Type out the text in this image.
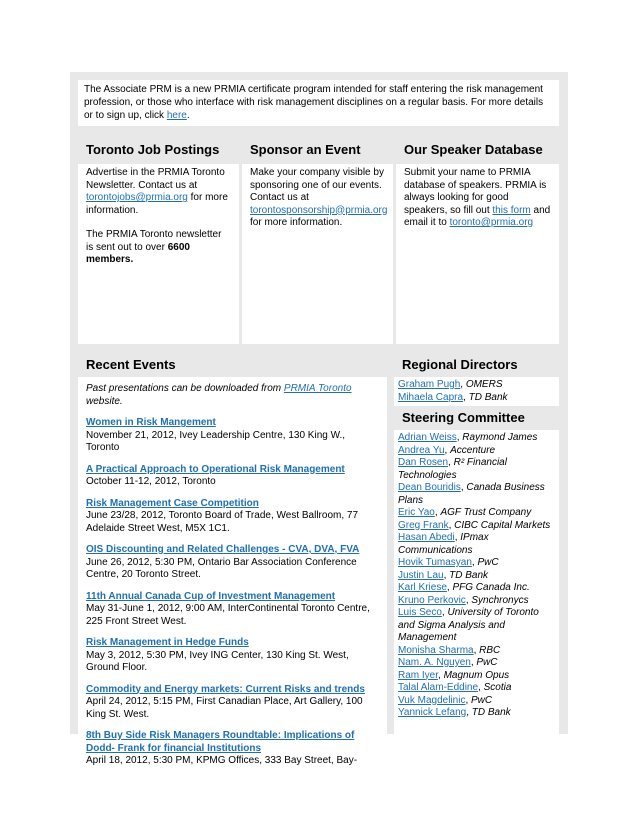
The Associate PRM is a new PRMIA certificate program intended for staff entering the risk management profession, or those who interface with risk management disciplines on a regular basis. For more details or to sign up, click here.
Toronto Job Postings
Advertise in the PRMIA Toronto Newsletter. Contact us at torontojobs@prmia.org for more information.
The PRMIA Toronto newsletter is sent out to over 6600 members.
Sponsor an Event
Make your company visible by sponsoring one of our events. Contact us at torontosponsorship@prmia.org for more information.
Our Speaker Database
Submit your name to PRMIA database of speakers. PRMIA is always looking for good speakers, so fill out this form and email it to toronto@prmia.org
Recent Events
Past presentations can be downloaded from PRMIA Toronto website.
Women in Risk Mangement
November 21, 2012, Ivey Leadership Centre, 130 King W., Toronto
A Practical Approach to Operational Risk Management
October 11-12, 2012, Toronto
Risk Management Case Competition
June 23/28, 2012, Toronto Board of Trade, West Ballroom, 77 Adelaide Street West, M5X 1C1.
OIS Discounting and Related Challenges - CVA, DVA, FVA
June 26, 2012, 5:30 PM, Ontario Bar Association Conference Centre, 20 Toronto Street.
11th Annual Canada Cup of Investment Management
May 31-June 1, 2012, 9:00 AM, InterContinental Toronto Centre, 225 Front Street West.
Risk Management in Hedge Funds
May 3, 2012, 5:30 PM, Ivey ING Center, 130 King St. West, Ground Floor.
Commodity and Energy markets: Current Risks and trends
April 24, 2012, 5:15 PM, First Canadian Place, Art Gallery, 100 King St. West.
8th Buy Side Risk Managers Roundtable: Implications of Dodd- Frank for financial Institutions
April 18, 2012, 5:30 PM, KPMG Offices, 333 Bay Street, Bay-
Regional Directors
Graham Pugh, OMERS
Mihaela Capra, TD Bank
Steering Committee
Adrian Weiss, Raymond James
Andrea Yu, Accenture
Dan Rosen, R² Financial Technologies
Dean Bouridis, Canada Business Plans
Eric Yao, AGF Trust Company
Greg Frank, CIBC Capital Markets
Hasan Abedi, IPmax Communications
Hovik Tumasyan, PwC
Justin Lau, TD Bank
Karl Kriese, PFG Canada Inc.
Kruno Perkovic, Synchronycs
Luis Seco, University of Toronto and Sigma Analysis and Management
Monisha Sharma, RBC
Nam. A. Nguyen, PwC
Ram Iyer, Magnum Opus
Talal Alam-Eddine, Scotia
Vuk Magdelinic, PwC
Yannick Lefang, TD Bank
